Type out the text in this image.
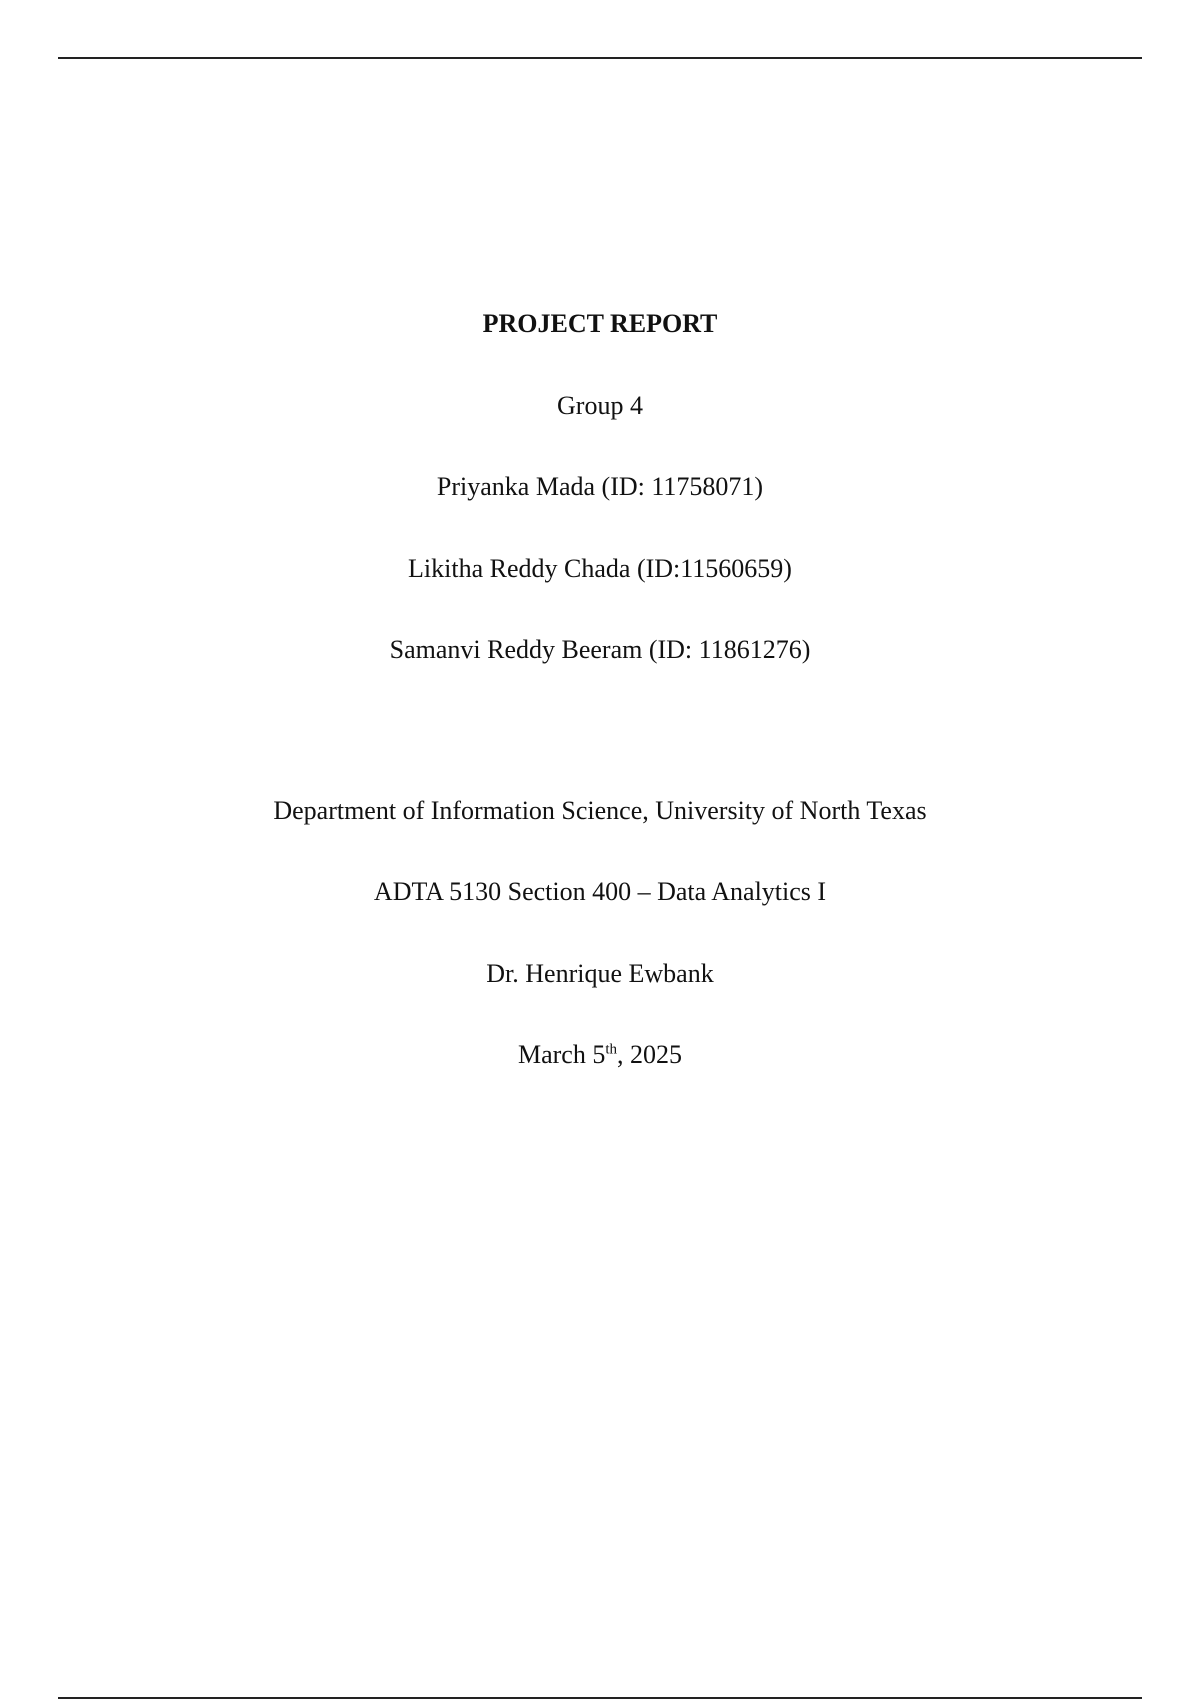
PROJECT REPORT
Group 4
Priyanka Mada (ID: 11758071)
Likitha Reddy Chada (ID:11560659)
Samanvi Reddy Beeram (ID: 11861276)
Department of Information Science, University of North Texas
ADTA 5130 Section 400 – Data Analytics I
Dr. Henrique Ewbank
March 5th, 2025
